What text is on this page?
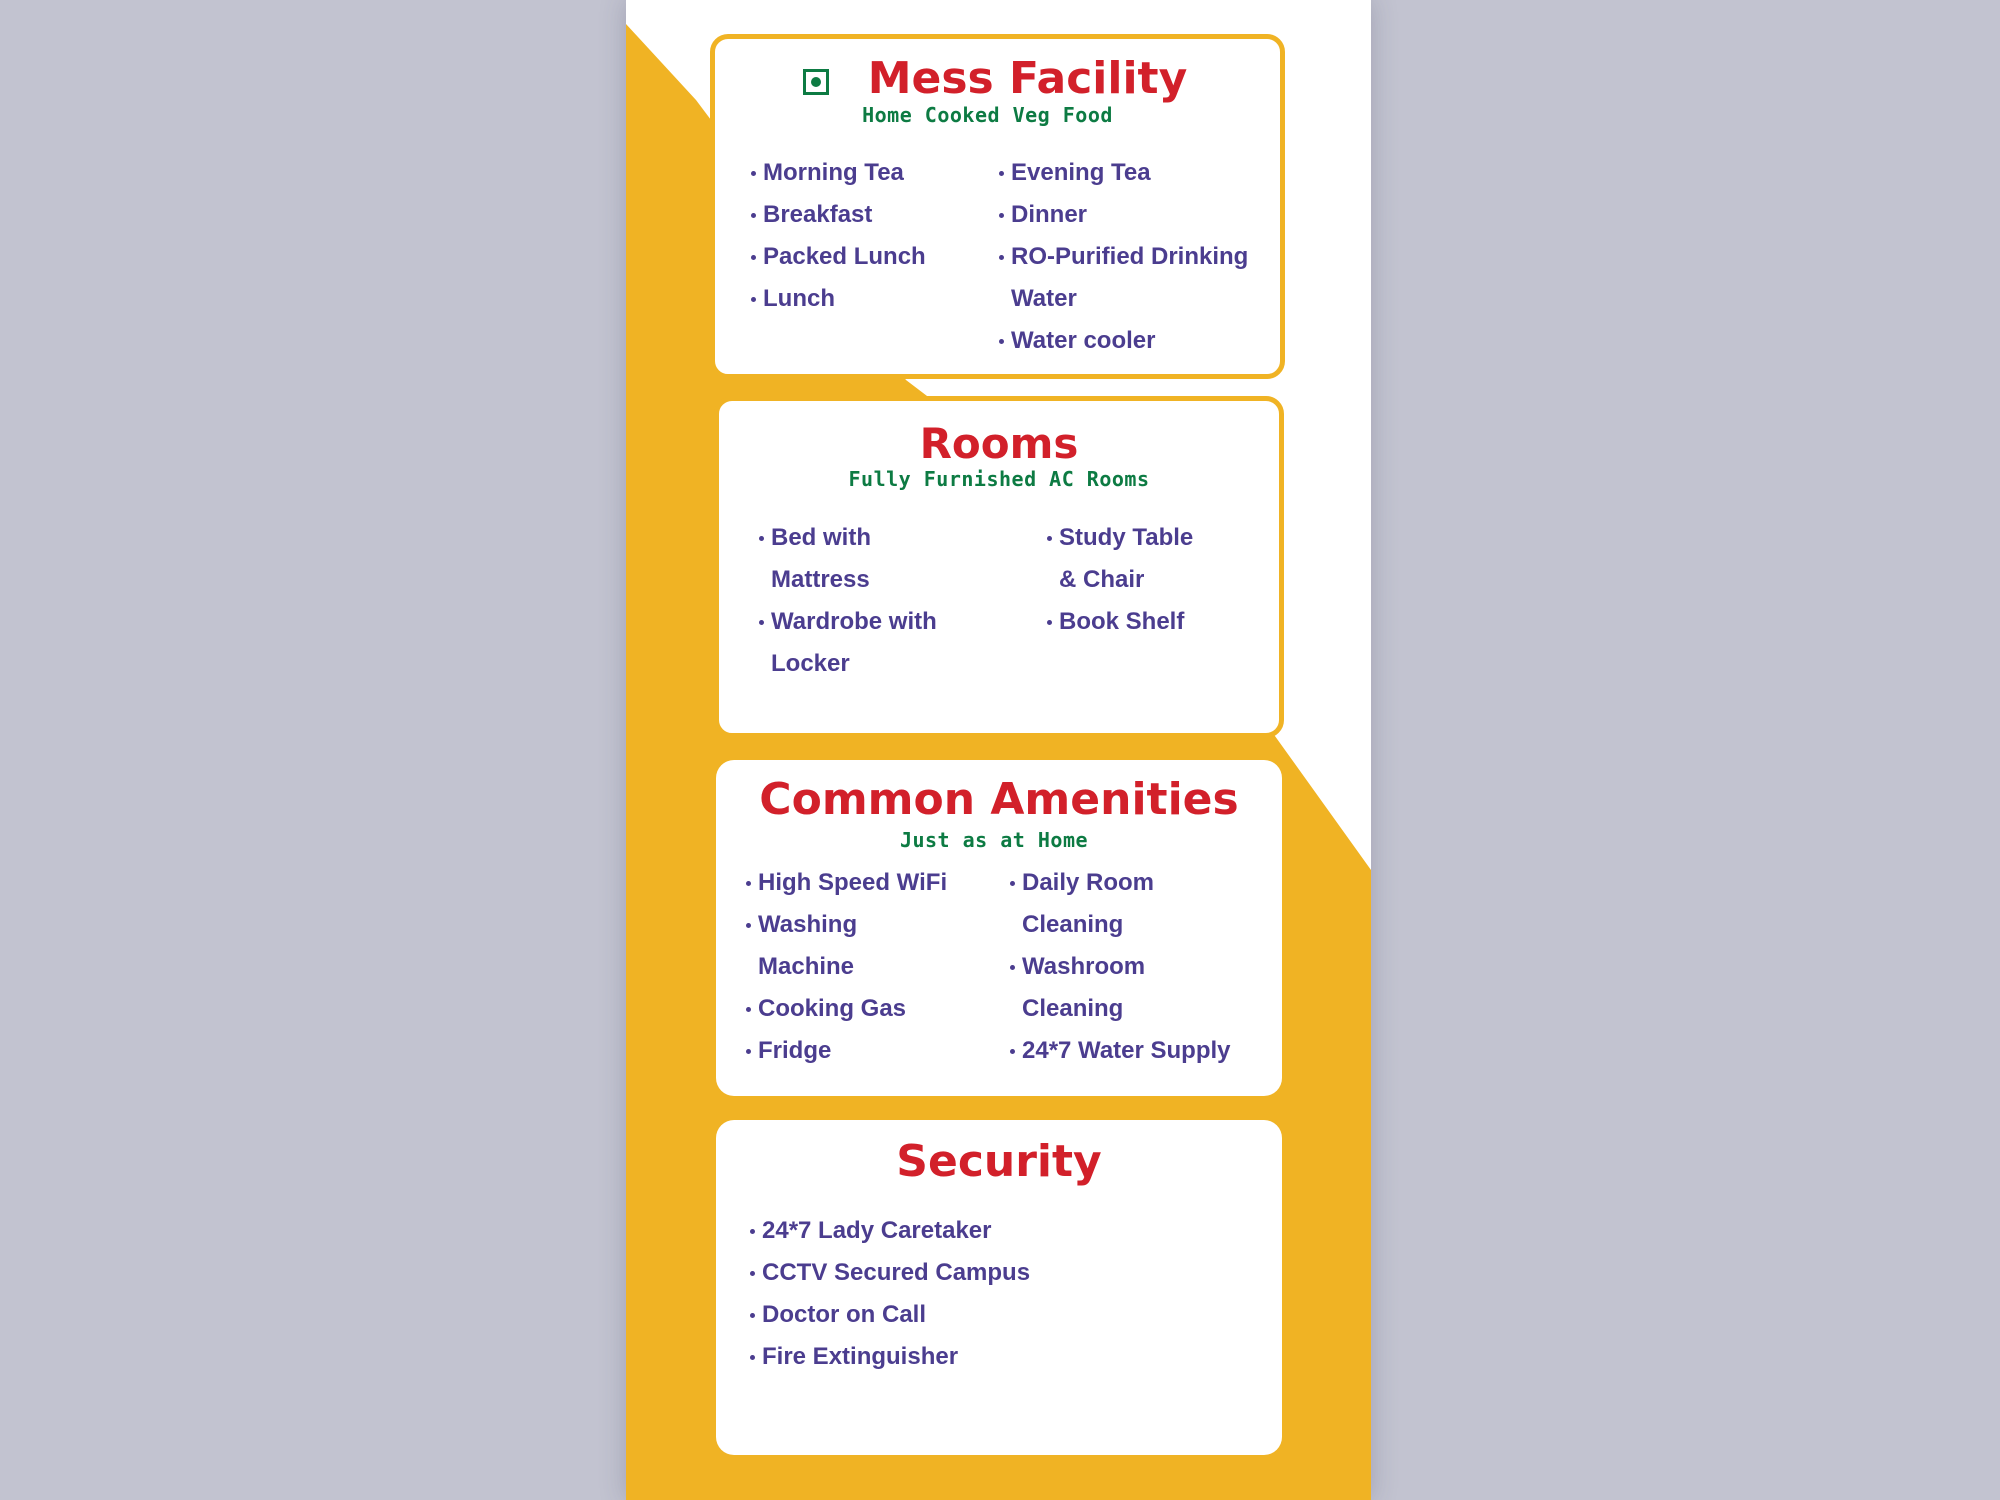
Mess Facility

Home Cooked Veg Food

Morning Tea
Breakfast
Packed Lunch
Lunch
Evening Tea
Dinner
RO-Purified Drinking
Water
Water cooler
Rooms

Fully Furnished AC Rooms

Bed with
Mattress
Wardrobe with
Locker
Study Table
& Chair
Book Shelf
Common Amenities

Just as at Home

High Speed WiFi
Washing
Machine
Cooking Gas
Fridge
Daily Room
Cleaning
Washroom
Cleaning
24*7 Water Supply
Security
24*7 Lady Caretaker
CCTV Secured Campus
Doctor on Call
Fire Extinguisher
